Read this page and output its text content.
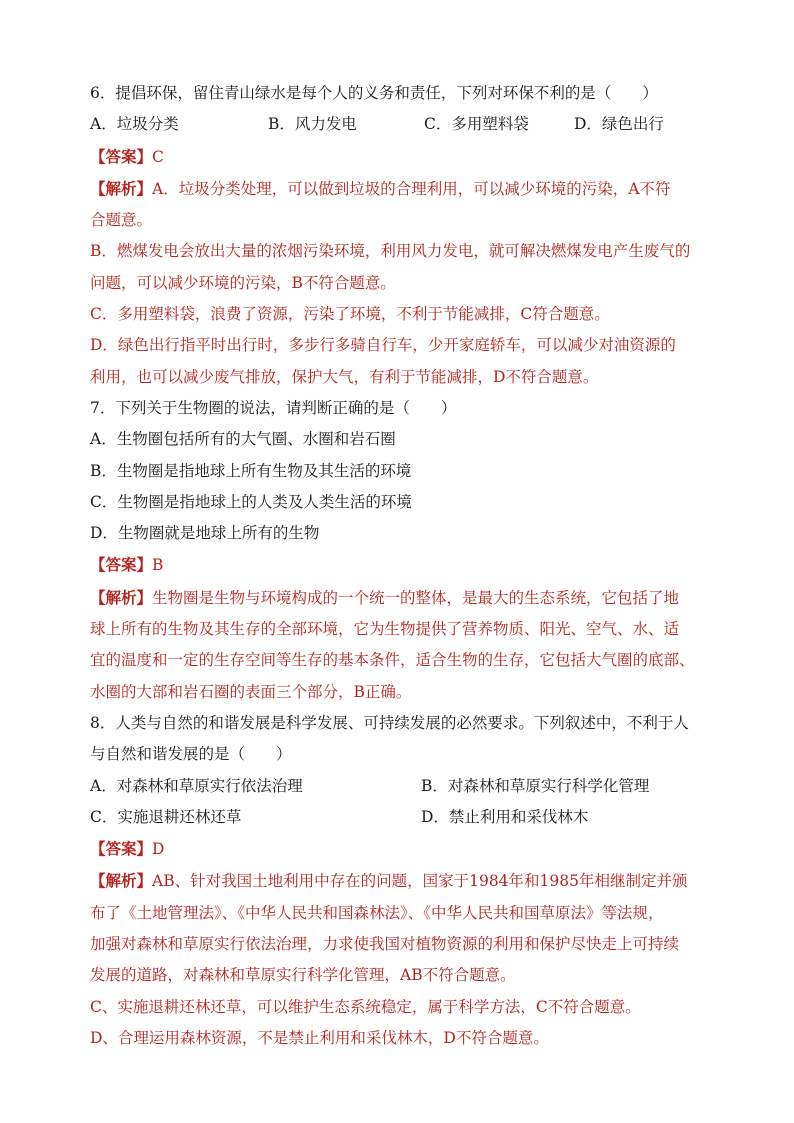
6．提倡环保，留住青山绿水是每个人的义务和责任，下列对环保不利的是（　　）
A．垃圾分类	B．风力发电	C．多用塑料袋	D．绿色出行
【答案】C
【解析】A．垃圾分类处理，可以做到垃圾的合理利用，可以减少环境的污染，A不符
合题意。
B．燃煤发电会放出大量的浓烟污染环境，利用风力发电，就可解决燃煤发电产生废气的
问题，可以减少环境的污染，B不符合题意。
C．多用塑料袋，浪费了资源，污染了环境，不利于节能减排，C符合题意。
D．绿色出行指平时出行时，多步行多骑自行车，少开家庭轿车，可以减少对油资源的
利用，也可以减少废气排放，保护大气，有利于节能减排，D不符合题意。
7．下列关于生物圈的说法，请判断正确的是（　　）
A．生物圈包括所有的大气圈、水圈和岩石圈
B．生物圈是指地球上所有生物及其生活的环境
C．生物圈是指地球上的人类及人类生活的环境
D．生物圈就是地球上所有的生物
【答案】B
【解析】生物圈是生物与环境构成的一个统一的整体，是最大的生态系统，它包括了地
球上所有的生物及其生存的全部环境，它为生物提供了营养物质、阳光、空气、水、适
宜的温度和一定的生存空间等生存的基本条件，适合生物的生存，它包括大气圈的底部、
水圈的大部和岩石圈的表面三个部分，B正确。
8．人类与自然的和谐发展是科学发展、可持续发展的必然要求。下列叙述中，不利于人
与自然和谐发展的是（　　）
A．对森林和草原实行依法治理	B．对森林和草原实行科学化管理
C．实施退耕还林还草	D．禁止利用和采伐林木
【答案】D
【解析】AB、针对我国土地利用中存在的问题，国家于1984年和1985年相继制定并颁
布了《土地管理法》、《中华人民共和国森林法》、《中华人民共和国草原法》等法规，
加强对森林和草原实行依法治理，力求使我国对植物资源的利用和保护尽快走上可持续
发展的道路，对森林和草原实行科学化管理，AB不符合题意。
C、实施退耕还林还草，可以维护生态系统稳定，属于科学方法，C不符合题意。
D、合理运用森林资源，不是禁止利用和采伐林木，D不符合题意。
